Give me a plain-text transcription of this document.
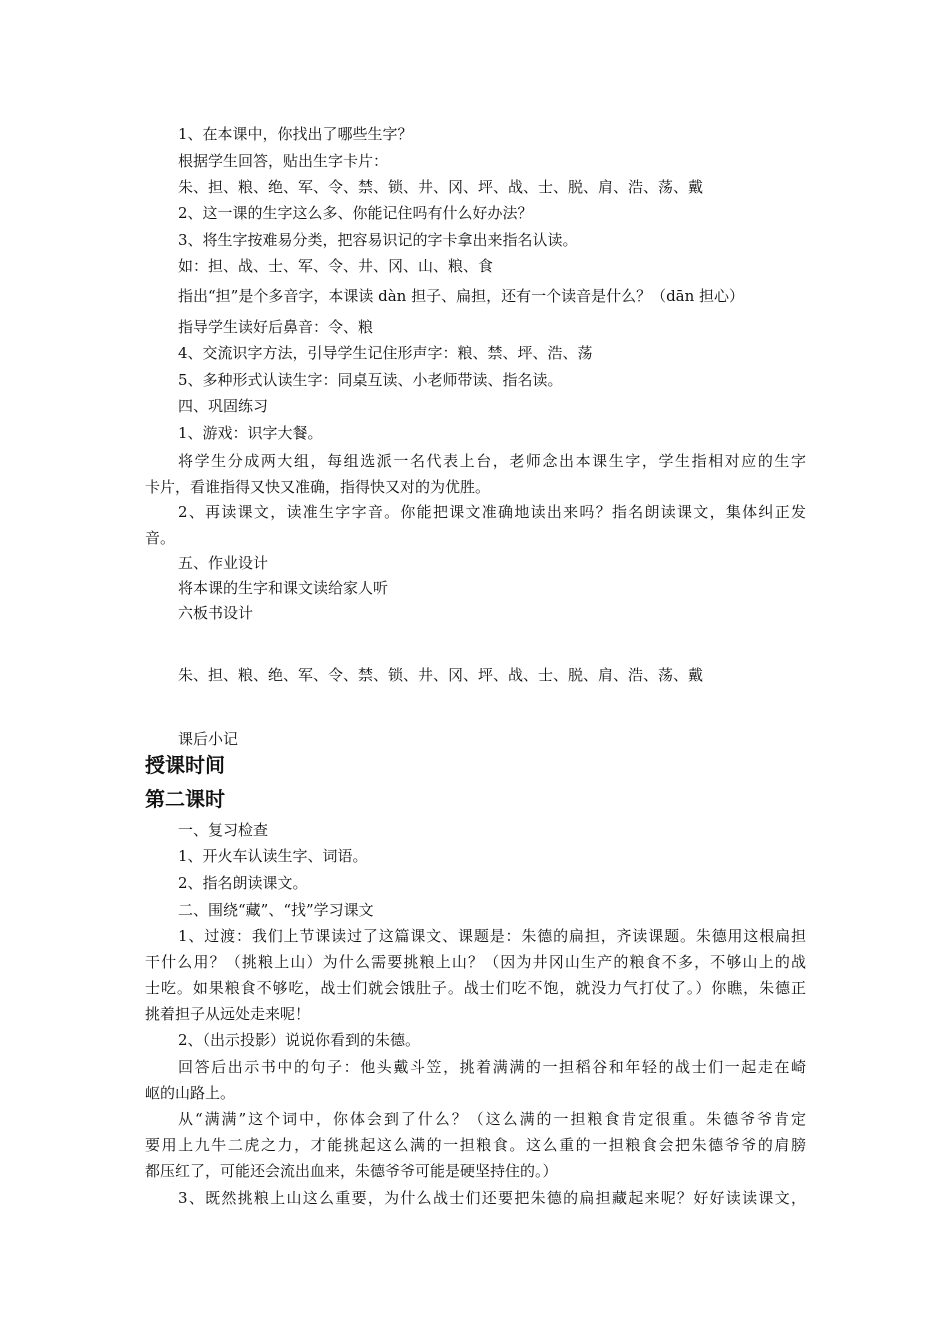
1、在本课中，你找出了哪些生字？
根据学生回答，贴出生字卡片：
朱、担、粮、绝、军、令、禁、锁、井、冈、坪、战、士、脱、肩、浩、荡、戴
2、这一课的生字这么多、你能记住吗有什么好办法？
3、将生字按难易分类，把容易识记的字卡拿出来指名认读。
如：担、战、士、军、令、井、冈、山、粮、食
指出“担”是个多音字，本课读 dàn 担子、扁担，还有一个读音是什么？（dān 担心）
指导学生读好后鼻音：令、粮
4、交流识字方法，引导学生记住形声字：粮、禁、坪、浩、荡
5、多种形式认读生字：同桌互读、小老师带读、指名读。
四、巩固练习
1、游戏：识字大餐。
将学生分成两大组，每组选派一名代表上台，老师念出本课生字，学生指相对应的生字
卡片，看谁指得又快又准确，指得快又对的为优胜。
2、再读课文，读准生字字音。你能把课文准确地读出来吗？指名朗读课文，集体纠正发
音。
五、作业设计
将本课的生字和课文读给家人听
六板书设计
朱、担、粮、绝、军、令、禁、锁、井、冈、坪、战、士、脱、肩、浩、荡、戴
课后小记
授课时间
第二课时
一、复习检查
1、开火车认读生字、词语。
2、指名朗读课文。
二、围绕“藏”、“找”学习课文
1、过渡：我们上节课读过了这篇课文、课题是：朱德的扁担，齐读课题。朱德用这根扁担
干什么用？（挑粮上山）为什么需要挑粮上山？（因为井冈山生产的粮食不多，不够山上的战
士吃。如果粮食不够吃，战士们就会饿肚子。战士们吃不饱，就没力气打仗了。）你瞧，朱德正
挑着担子从远处走来呢！
2、（出示投影）说说你看到的朱德。
回答后出示书中的句子：他头戴斗笠，挑着满满的一担稻谷和年轻的战士们一起走在崎
岖的山路上。
从“满满”这个词中，你体会到了什么？（这么满的一担粮食肯定很重。朱德爷爷肯定
要用上九牛二虎之力，才能挑起这么满的一担粮食。这么重的一担粮食会把朱德爷爷的肩膀
都压红了，可能还会流出血来，朱德爷爷可能是硬坚持住的。）
3、既然挑粮上山这么重要，为什么战士们还要把朱德的扁担藏起来呢？好好读读课文，
